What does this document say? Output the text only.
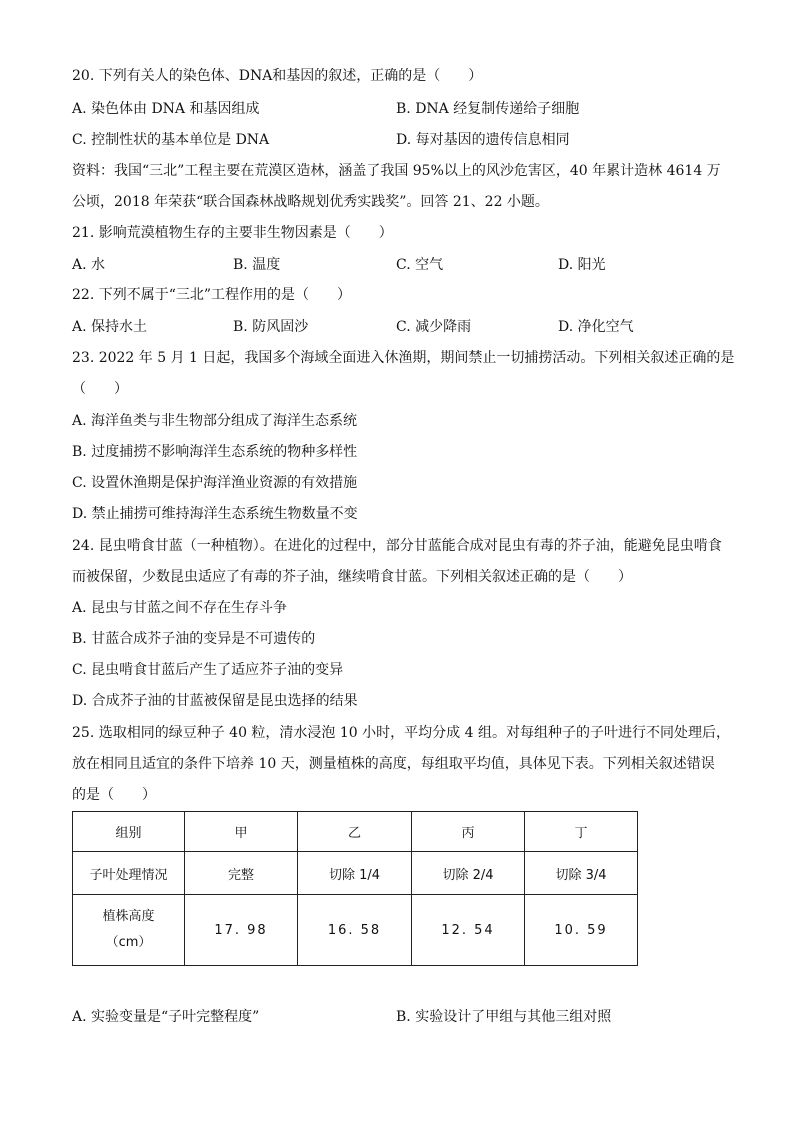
20. 下列有关人的染色体、DNA和基因的叙述，正确的是（　　）
A. 染色体由 DNA 和基因组成	B. DNA 经复制传递给子细胞
C. 控制性状的基本单位是 DNA	D. 每对基因的遗传信息相同
资料：我国“三北”工程主要在荒漠区造林，涵盖了我国 95%以上的风沙危害区，40 年累计造林 4614 万
公顷，2018 年荣获“联合国森林战略规划优秀实践奖”。回答 21、22 小题。
21. 影响荒漠植物生存的主要非生物因素是（　　）
A. 水	B. 温度	C. 空气	D. 阳光
22. 下列不属于“三北”工程作用的是（　　）
A. 保持水土	B. 防风固沙	C. 减少降雨	D. 净化空气
23. 2022 年 5 月 1 日起，我国多个海域全面进入休渔期，期间禁止一切捕捞活动。下列相关叙述正确的是
（　　）
A. 海洋鱼类与非生物部分组成了海洋生态系统
B. 过度捕捞不影响海洋生态系统的物种多样性
C. 设置休渔期是保护海洋渔业资源的有效措施
D. 禁止捕捞可维持海洋生态系统生物数量不变
24. 昆虫啃食甘蓝（一种植物）。在进化的过程中，部分甘蓝能合成对昆虫有毒的芥子油，能避免昆虫啃食
而被保留，少数昆虫适应了有毒的芥子油，继续啃食甘蓝。下列相关叙述正确的是（　　）
A. 昆虫与甘蓝之间不存在生存斗争
B. 甘蓝合成芥子油的变异是不可遗传的
C. 昆虫啃食甘蓝后产生了适应芥子油的变异
D. 合成芥子油的甘蓝被保留是昆虫选择的结果
25. 选取相同的绿豆种子 40 粒，清水浸泡 10 小时，平均分成 4 组。对每组种子的子叶进行不同处理后，
放在相同且适宜的条件下培养 10 天，测量植株的高度，每组取平均值，具体见下表。下列相关叙述错误
的是（　　）
组别	甲	乙	丙	丁
子叶处理情况	完整	切除 1/4	切除 2/4	切除 3/4

植株高度
（cm）	17. 98	16. 58	12. 54	10. 59
A. 实验变量是“子叶完整程度”	B. 实验设计了甲组与其他三组对照
